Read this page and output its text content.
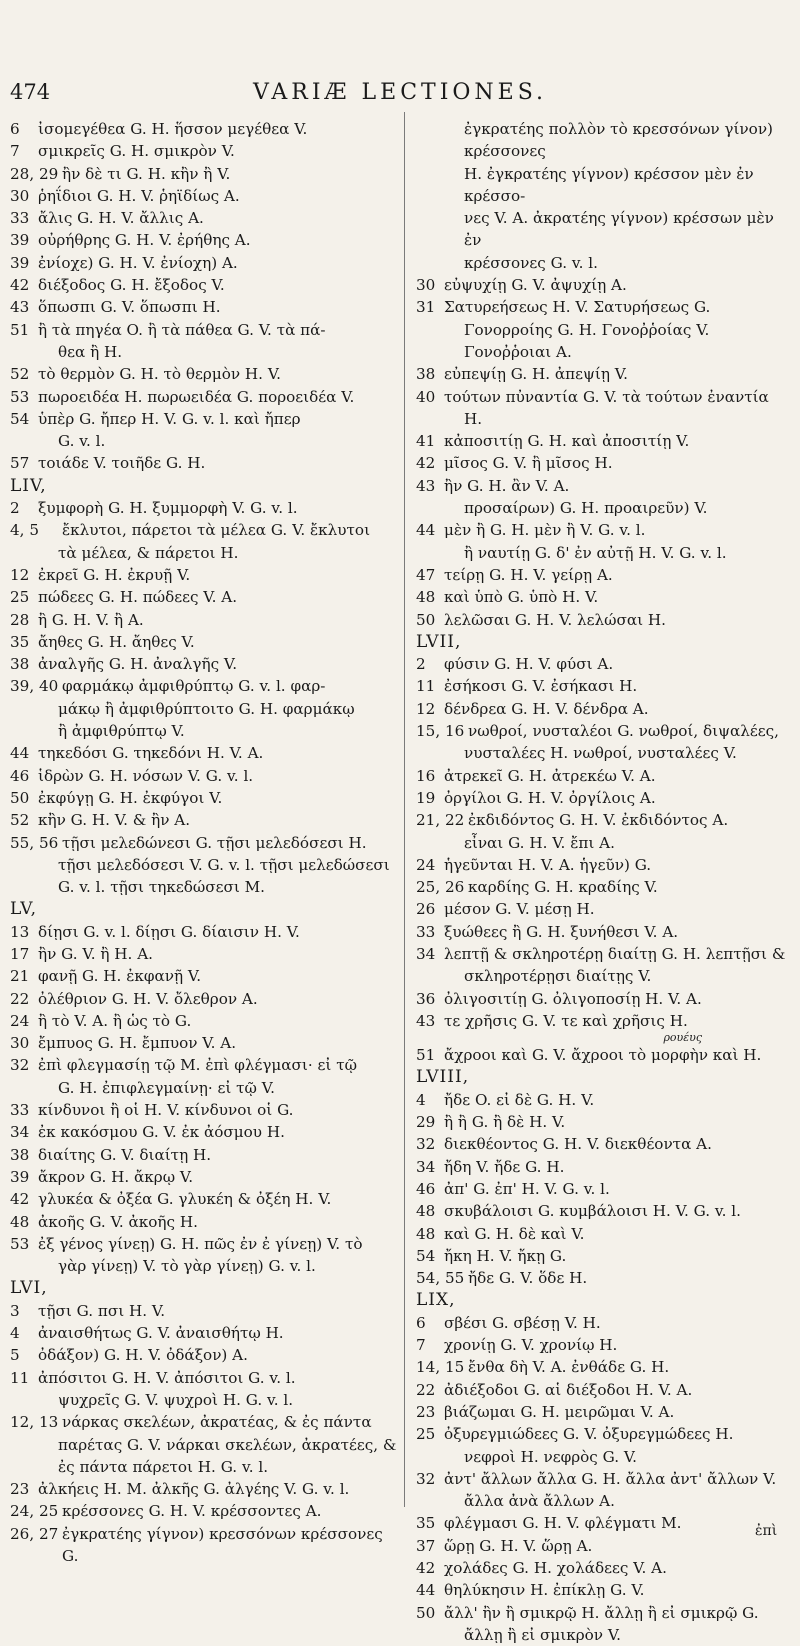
474	VARIÆ LECTIONES.
6 ἰσομεγέθεα G. H. ἥσσον μεγέθεα V.
7 σμικρεῖς G. H. σμικρὸν V.
28, 29 ἢν δὲ τι G. H. κἢν ἢ V.
30 ῥηΐδιοι G. H. V. ῥηϊδίως A.
33 ἄλις G. H. V. ἄλλις A.
39 οὐρήθρης G. H. V. ἐρήθης A.
39 ἐνίοχε) G. H. V. ἐνίοχη) A.
42 διέξοδος G. H. ἔξοδος V.
43 ὅπωσπι G. V. ὅπωσπι H.
51 ἢ τὰ πηγέα O. ἢ τὰ πάθεα G. V. τὰ πά-
θεα ἢ H.
52 τὸ θερμὸν G. H. τὸ θερμὸν H. V.
53 πωροειδέα H. πωρωειδέα G. πορoειδέα V.
54 ὑπὲρ G. ἤπερ H. V. G. v. l. καὶ ἤπερ
G. v. l.
57 τοιάδε V. τοιῆδε G. H.
LIV,
2 ξυμφορὴ G. H. ξυμμορφὴ V. G. v. l.
4, 5 ἔκλυτοι, πάρετοι τὰ μέλεα G. V. ἔκλυτοι
τὰ μέλεα, & πάρετοι H.
12 ἐκρεῖ G. H. ἐκρυῇ V.
25 πώδεες G. H. πώδεες V. A.
28 ἢ G. H. V. ἢ A.
35 ἄηθες G. H. ἄηθες V.
38 ἀναλγῆς G. H. ἀναλγῆς V.
39, 40 φαρμάκῳ ἀμφιθρύπτῳ G. v. l. φαρ-
μάκῳ ἢ ἀμφιθρύπτοιτο G. H. φαρμάκῳ
ἢ ἀμφιθρύπτῳ V.
44 τηκεδόσι G. τηκεδόνι H. V. A.
46 ἱδρὼν G. H. νόσων V. G. v. l.
50 ἐκφύγῃ G. H. ἐκφύγοι V.
52 κἢν G. H. V. & ἢν A.
55, 56 τῇσι μελεδώνεσι G. τῇσι μελεδόσεσι H.
τῇσι μελεδόσεσι V. G. v. l. τῇσι μελεδώσεσι
G. v. l. τῇσι τηκεδώσεσι M.
LV,
13 δίῃσι G. v. l. δίῃσι G. δίαισιν H. V.
17 ἢν G. V. ἢ H. A.
21 φανῇ G. H. ἐκφανῇ V.
22 ὀλέθριον G. H. V. ὄλεθρον A.
24 ἢ τὸ V. A. ἢ ὡς τὸ G.
30 ἔμπυος G. H. ἔμπυον V. A.
32 ἐπὶ φλεγμασίῃ τῷ M. ἐπὶ φλέγμασι· εἰ τῷ
G. H. ἐπιφλεγμαίνῃ· εἰ τῷ V.
33 κίνδυνοι ἢ οἱ H. V. κίνδυνοι οἱ G.
34 ἐκ κακόσμου G. V. ἐκ ἀόσμου H.
38 διαίτης G. V. διαίτῃ H.
39 ἄκρον G. H. ἄκρῳ V.
42 γλυκέα & ὀξέα G. γλυκέη & ὀξέη H. V.
48 ἀκοῆς G. V. ἀκοῆς H.
53 ἐξ γένος γίνεῃ) G. H. πῶς ἐν ἐ γίνεῃ) V. τὸ
γὰρ γίνεῃ) V. τὸ γὰρ γίνεῃ) G. v. l.
LVI,
3 τῇσι G. πσι H. V.
4 ἀναισθήτως G. V. ἀναισθήτῳ H.
5 ὀδάξον) G. H. V. ὀδάξον) A.
11 ἀπόσιτοι G. H. V. ἀπόσιτοι G. v. l.
ψυχρεῖς G. V. ψυχροὶ H. G. v. l.
12, 13 νάρκας σκελέων, ἀκρατέας, & ἐς πάντα
παρέτας G. V. νάρκαι σκελέων, ἀκρατέες, &
ἐς πάντα πάρετοι H. G. v. l.
23 ἀλκήεις H. M. ἀλκῆς G. ἀλγέης V. G. v. l.
24, 25 κρέσσονες G. H. V. κρέσσοντες A.
26, 27 ἐγκρατέης γίγνον) κρεσσόνων κρέσσονες G.
ἐγκρατέης πολλὸν τὸ κρεσσόνων γίνον) κρέσσονες
H. ἐγκρατέης γίγνον) κρέσσον μὲν ἐν κρέσσο-
νες V. A. ἀκρατέης γίγνον) κρέσσων μὲν ἐν
κρέσσονες G. v. l.
30 εὐψυχίῃ G. V. ἀψυχίῃ A.
31 Σατυρεήσεως H. V. Σατυρήσεως G.
Γονορροίης G. H. Γονοῤῥοίας V. Γονοῤῥοιαι A.
38 εὐπεψίῃ G. H. ἀπεψίῃ V.
40 τούτων πὐναντία G. V. τὰ τούτων ἐναντία
H.
41 κἀποσιτίῃ G. H. καὶ ἀποσιτίῃ V.
42 μῖσος G. V. ἢ μῖσος H.
43 ἢν G. H. ἂν V. A.
προσαίρων) G. H. προαιρεῦν) V.
44 μὲν ἢ G. H. μὲν ἢ V. G. v. l.
ἢ ναυτίῃ G. δ' ἐν αὐτῇ H. V. G. v. l.
47 τείρῃ G. H. V. γείρῃ A.
48 καὶ ὑπὸ G. ὑπὸ H. V.
50 λελῶσαι G. H. V. λελώσαι H.
LVII,
2 φύσιν G. H. V. φύσι A.
11 ἐσήκοσι G. V. ἐσήκασι H.
12 δένδρεα G. H. V. δένδρα A.
15, 16 νωθροί, νυσταλέοι G. νωθροί, διψαλέες,
νυσταλέες H. νωθροί, νυσταλέες V.
16 ἀτρεκεῖ G. H. ἀτρεκέω V. A.
19 ὀργίλοι G. H. V. ὀργίλοις A.
21, 22 ἐκδιδόντος G. H. V. ἐκδιδόντος A.
εἶναι G. H. V. ἔπι A.
24 ἡγεῦνται H. V. A. ἡγεῦν) G.
25, 26 καρδίης G. H. κραδίης V.
26 μέσον G. V. μέσῃ H.
33 ξυώθεες ἢ G. H. ξυνήθεσι V. A.
34 λεπτῇ & σκληροτέρῃ διαίτῃ G. H. λεπτῇσι &
σκληροτέρῃσι διαίτῃς V.
36 ὀλιγοσιτίῃ G. ὀλιγοποσίῃ H. V. A.
43 τε χρῆσις G. V. τε καὶ χρῆσις H.
ρουέυς
51 ἄχροοι καὶ G. V. ἄχροοι τὸ μορφὴν καὶ H.
LVIII,
4 ἤδε O. εἰ δὲ G. H. V.
29 ἢ ἢ G. ἢ δὲ H. V.
32 διεκθέοντος G. H. V. διεκθέοντα A.
34 ἤδη V. ἤδε G. H.
46 ἀπ' G. ἐπ' H. V. G. v. l.
48 σκυβάλοισι G. κυμβάλοισι H. V. G. v. l.
48 καὶ G. H. δὲ καὶ V.
54 ἤκη H. V. ἤκῃ G.
54, 55 ἤδε G. V. ὅδε H.
LIX,
6 σβέσι G. σβέσῃ V. H.
7 χρονίῃ G. V. χρονίῳ H.
14, 15 ἔνθα δὴ V. A. ἐνθάδε G. H.
22 ἀδιέξοδοι G. αἱ διέξοδοι H. V. A.
23 βιάζωμαι G. H. μειρῶμαι V. A.
25 ὀξυρεγμιώδεες G. V. ὀξυρεγμώδεες H.
νεφροὶ H. νεφρὸς G. V.
32 ἀντ' ἄλλων ἄλλα G. H. ἄλλα ἀντ' ἄλλων V.
ἄλλα ἀνὰ ἄλλων A.
35 φλέγμασι G. H. V. φλέγματι M.
37 ὥρῃ G. H. V. ὥρῃ A.
42 χολάδες G. H. χολάδεες V. A.
44 θηλύκησιν H. ἐπίκλῃ G. V.
50 ἄλλ' ἢν ἢ σμικρῷ H. ἄλλῃ ἢ εἰ σμικρῷ G.
ἄλλῃ ἢ εἰ σμικρὸν V.
ἐπὶ
